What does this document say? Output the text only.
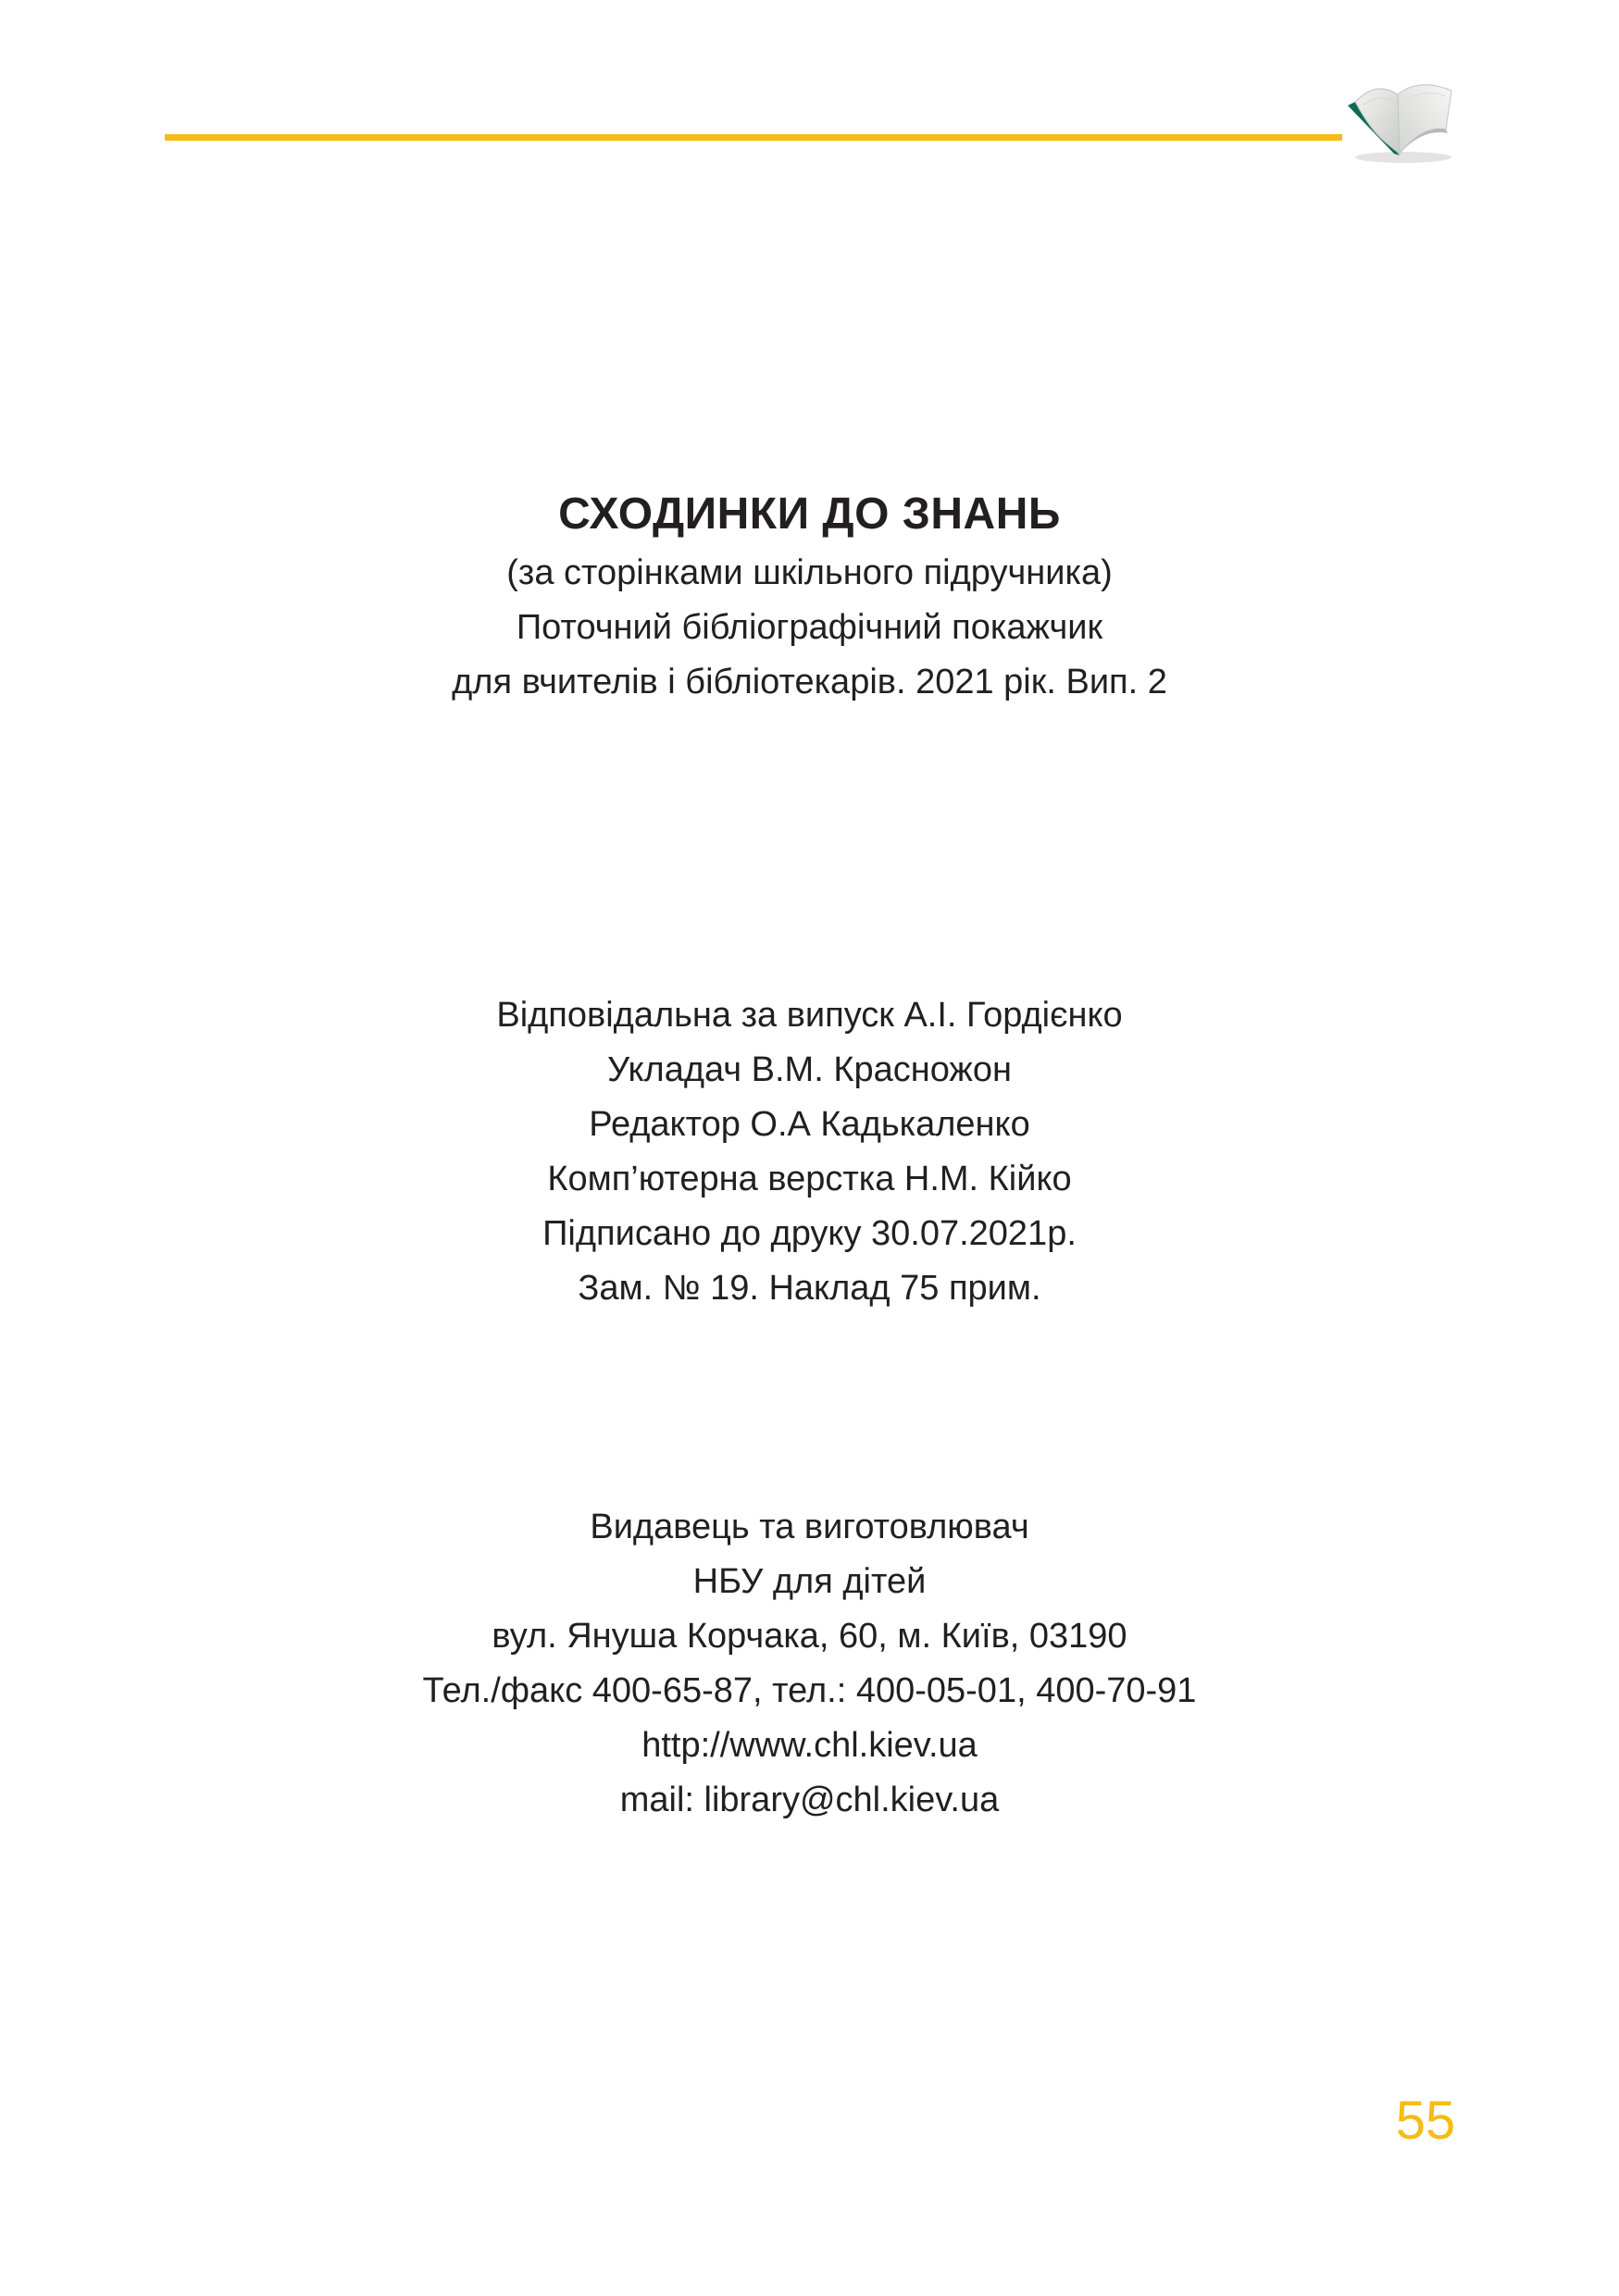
СХОДИНКИ ДО ЗНАНЬ
(за сторінками шкільного підручника)
Поточний бібліографічний покажчик
для вчителів і бібліотекарів. 2021 рік. Вип. 2
Відповідальна за випуск А.І. Гордієнко
Укладач В.М. Красножон
Редактор О.А Кадькаленко
Комп’ютерна верстка Н.М. Кійко
Підписано до друку 30.07.2021р.
Зам. № 19. Наклад 75 прим.
Видавець та виготовлювач
НБУ для дітей
вул. Януша Корчака, 60, м. Київ, 03190
Тел./факс 400-65-87, тел.: 400-05-01, 400-70-91
http://www.chl.kiev.ua
mail: library@chl.kiev.ua
55
